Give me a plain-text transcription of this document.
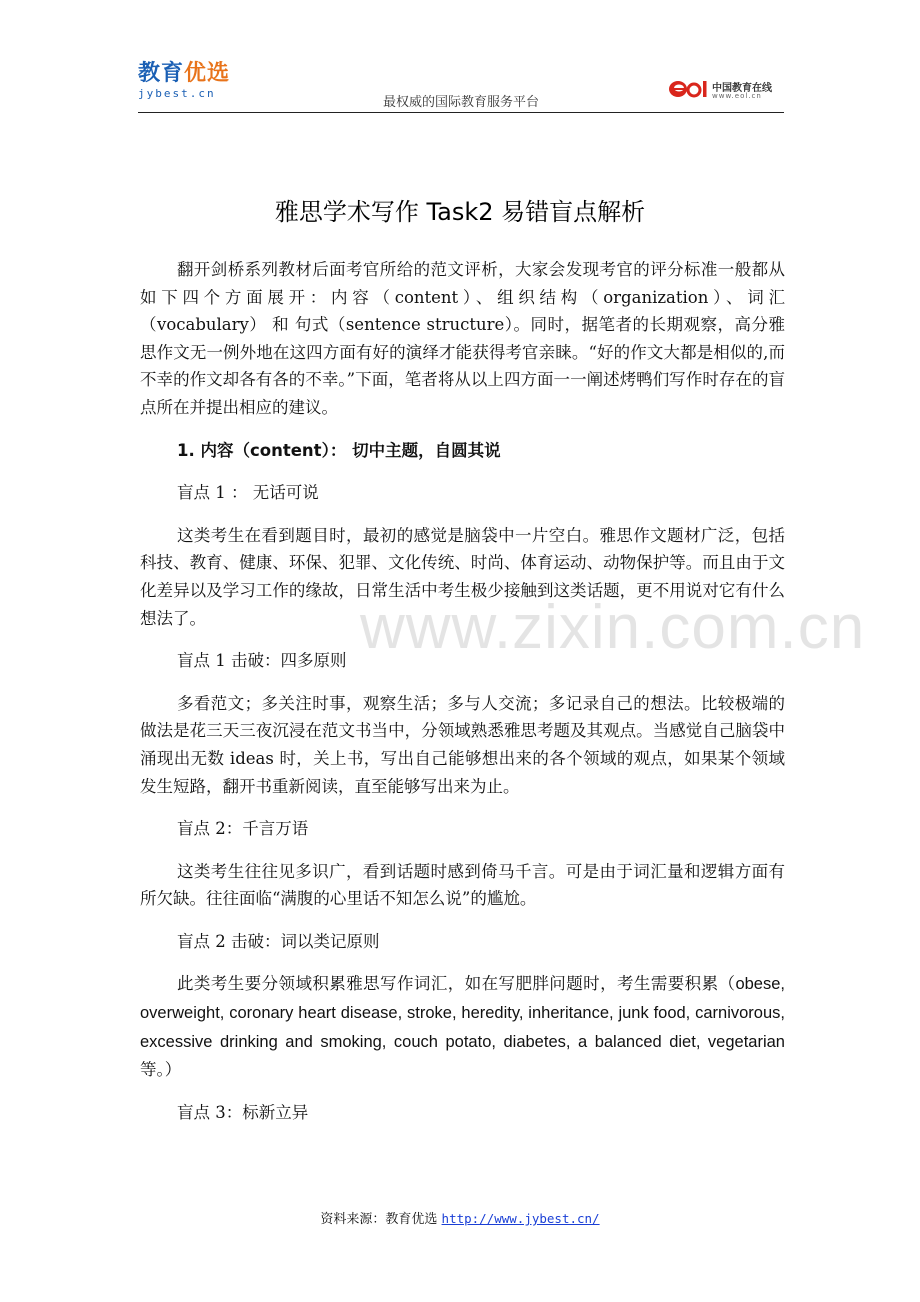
教育优选
jybest.cn
最权威的国际教育服务平台
中国教育在线
www.eol.cn
雅思学术写作 Task2 易错盲点解析

翻开剑桥系列教材后面考官所给的范文评析，大家会发现考官的评分标准一般都从如下四个方面展开：内容（content）、组织结构（organization）、词汇（vocabulary） 和 句式（sentence structure）。同时，据笔者的长期观察，高分雅思作文无一例外地在这四方面有好的演绎才能获得考官亲睐。“好的作文大都是相似的,而不幸的作文却各有各的不幸。”下面，笔者将从以上四方面一一阐述烤鸭们写作时存在的盲点所在并提出相应的建议。

1. 内容（content）： 切中主题，自圆其说

盲点 1 ： 无话可说

这类考生在看到题目时，最初的感觉是脑袋中一片空白。雅思作文题材广泛，包括科技、教育、健康、环保、犯罪、文化传统、时尚、体育运动、动物保护等。而且由于文化差异以及学习工作的缘故，日常生活中考生极少接触到这类话题，更不用说对它有什么想法了。

盲点 1 击破：四多原则

多看范文；多关注时事，观察生活；多与人交流；多记录自己的想法。比较极端的做法是花三天三夜沉浸在范文书当中，分领域熟悉雅思考题及其观点。当感觉自己脑袋中涌现出无数 ideas 时，关上书，写出自己能够想出来的各个领域的观点，如果某个领域发生短路，翻开书重新阅读，直至能够写出来为止。

盲点 2：千言万语

这类考生往往见多识广，看到话题时感到倚马千言。可是由于词汇量和逻辑方面有所欠缺。往往面临“满腹的心里话不知怎么说”的尴尬。

盲点 2 击破：词以类记原则

此类考生要分领域积累雅思写作词汇，如在写肥胖问题时，考生需要积累（obese, overweight, coronary heart disease, stroke, heredity, inheritance, junk food, carnivorous, excessive drinking and smoking, couch potato, diabetes, a balanced diet, vegetarian 等。）

盲点 3：标新立异

www.zixin.com.cn
资料来源：教育优选 http://www.jybest.cn/
